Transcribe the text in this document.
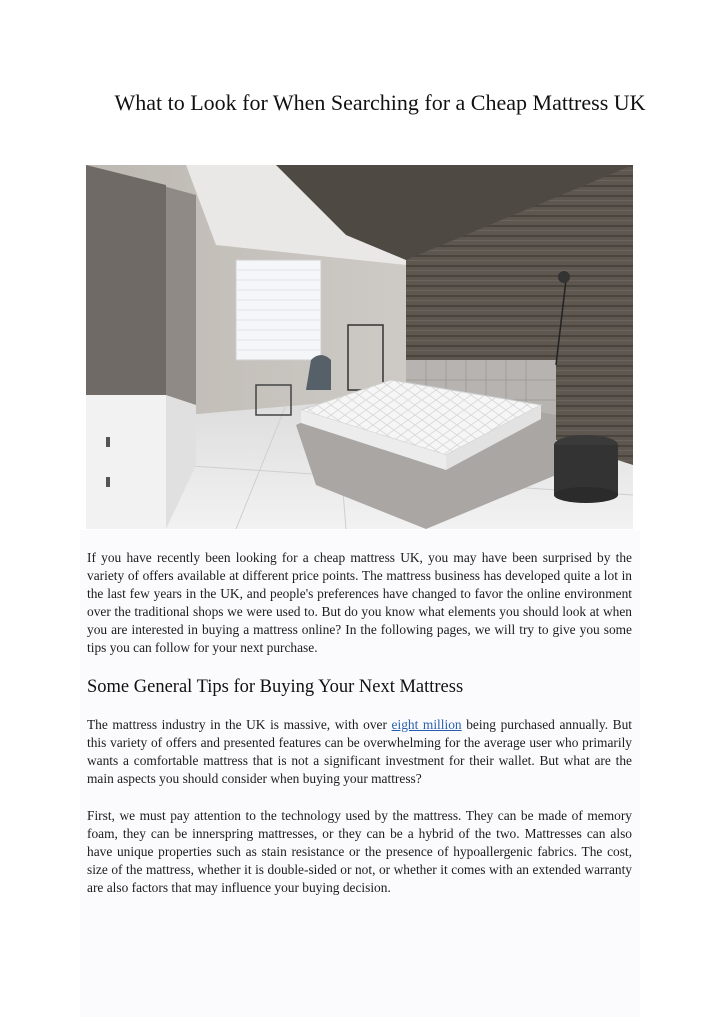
What to Look for When Searching for a Cheap Mattress UK

If you have recently been looking for a cheap mattress UK, you may have been surprised by the variety of offers available at different price points. The mattress business has developed quite a lot in the last few years in the UK, and people's preferences have changed to favor the online environment over the traditional shops we were used to. But do you know what elements you should look at when you are interested in buying a mattress online? In the following pages, we will try to give you some tips you can follow for your next purchase.

Some General Tips for Buying Your Next Mattress

The mattress industry in the UK is massive, with over eight million being purchased annually. But this variety of offers and presented features can be overwhelming for the average user who primarily wants a comfortable mattress that is not a significant investment for their wallet. But what are the main aspects you should consider when buying your mattress?

First, we must pay attention to the technology used by the mattress. They can be made of memory foam, they can be innerspring mattresses, or they can be a hybrid of the two. Mattresses can also have unique properties such as stain resistance or the presence of hypoallergenic fabrics. The cost, size of the mattress, whether it is double-sided or not, or whether it comes with an extended warranty are also factors that may influence your buying decision.
